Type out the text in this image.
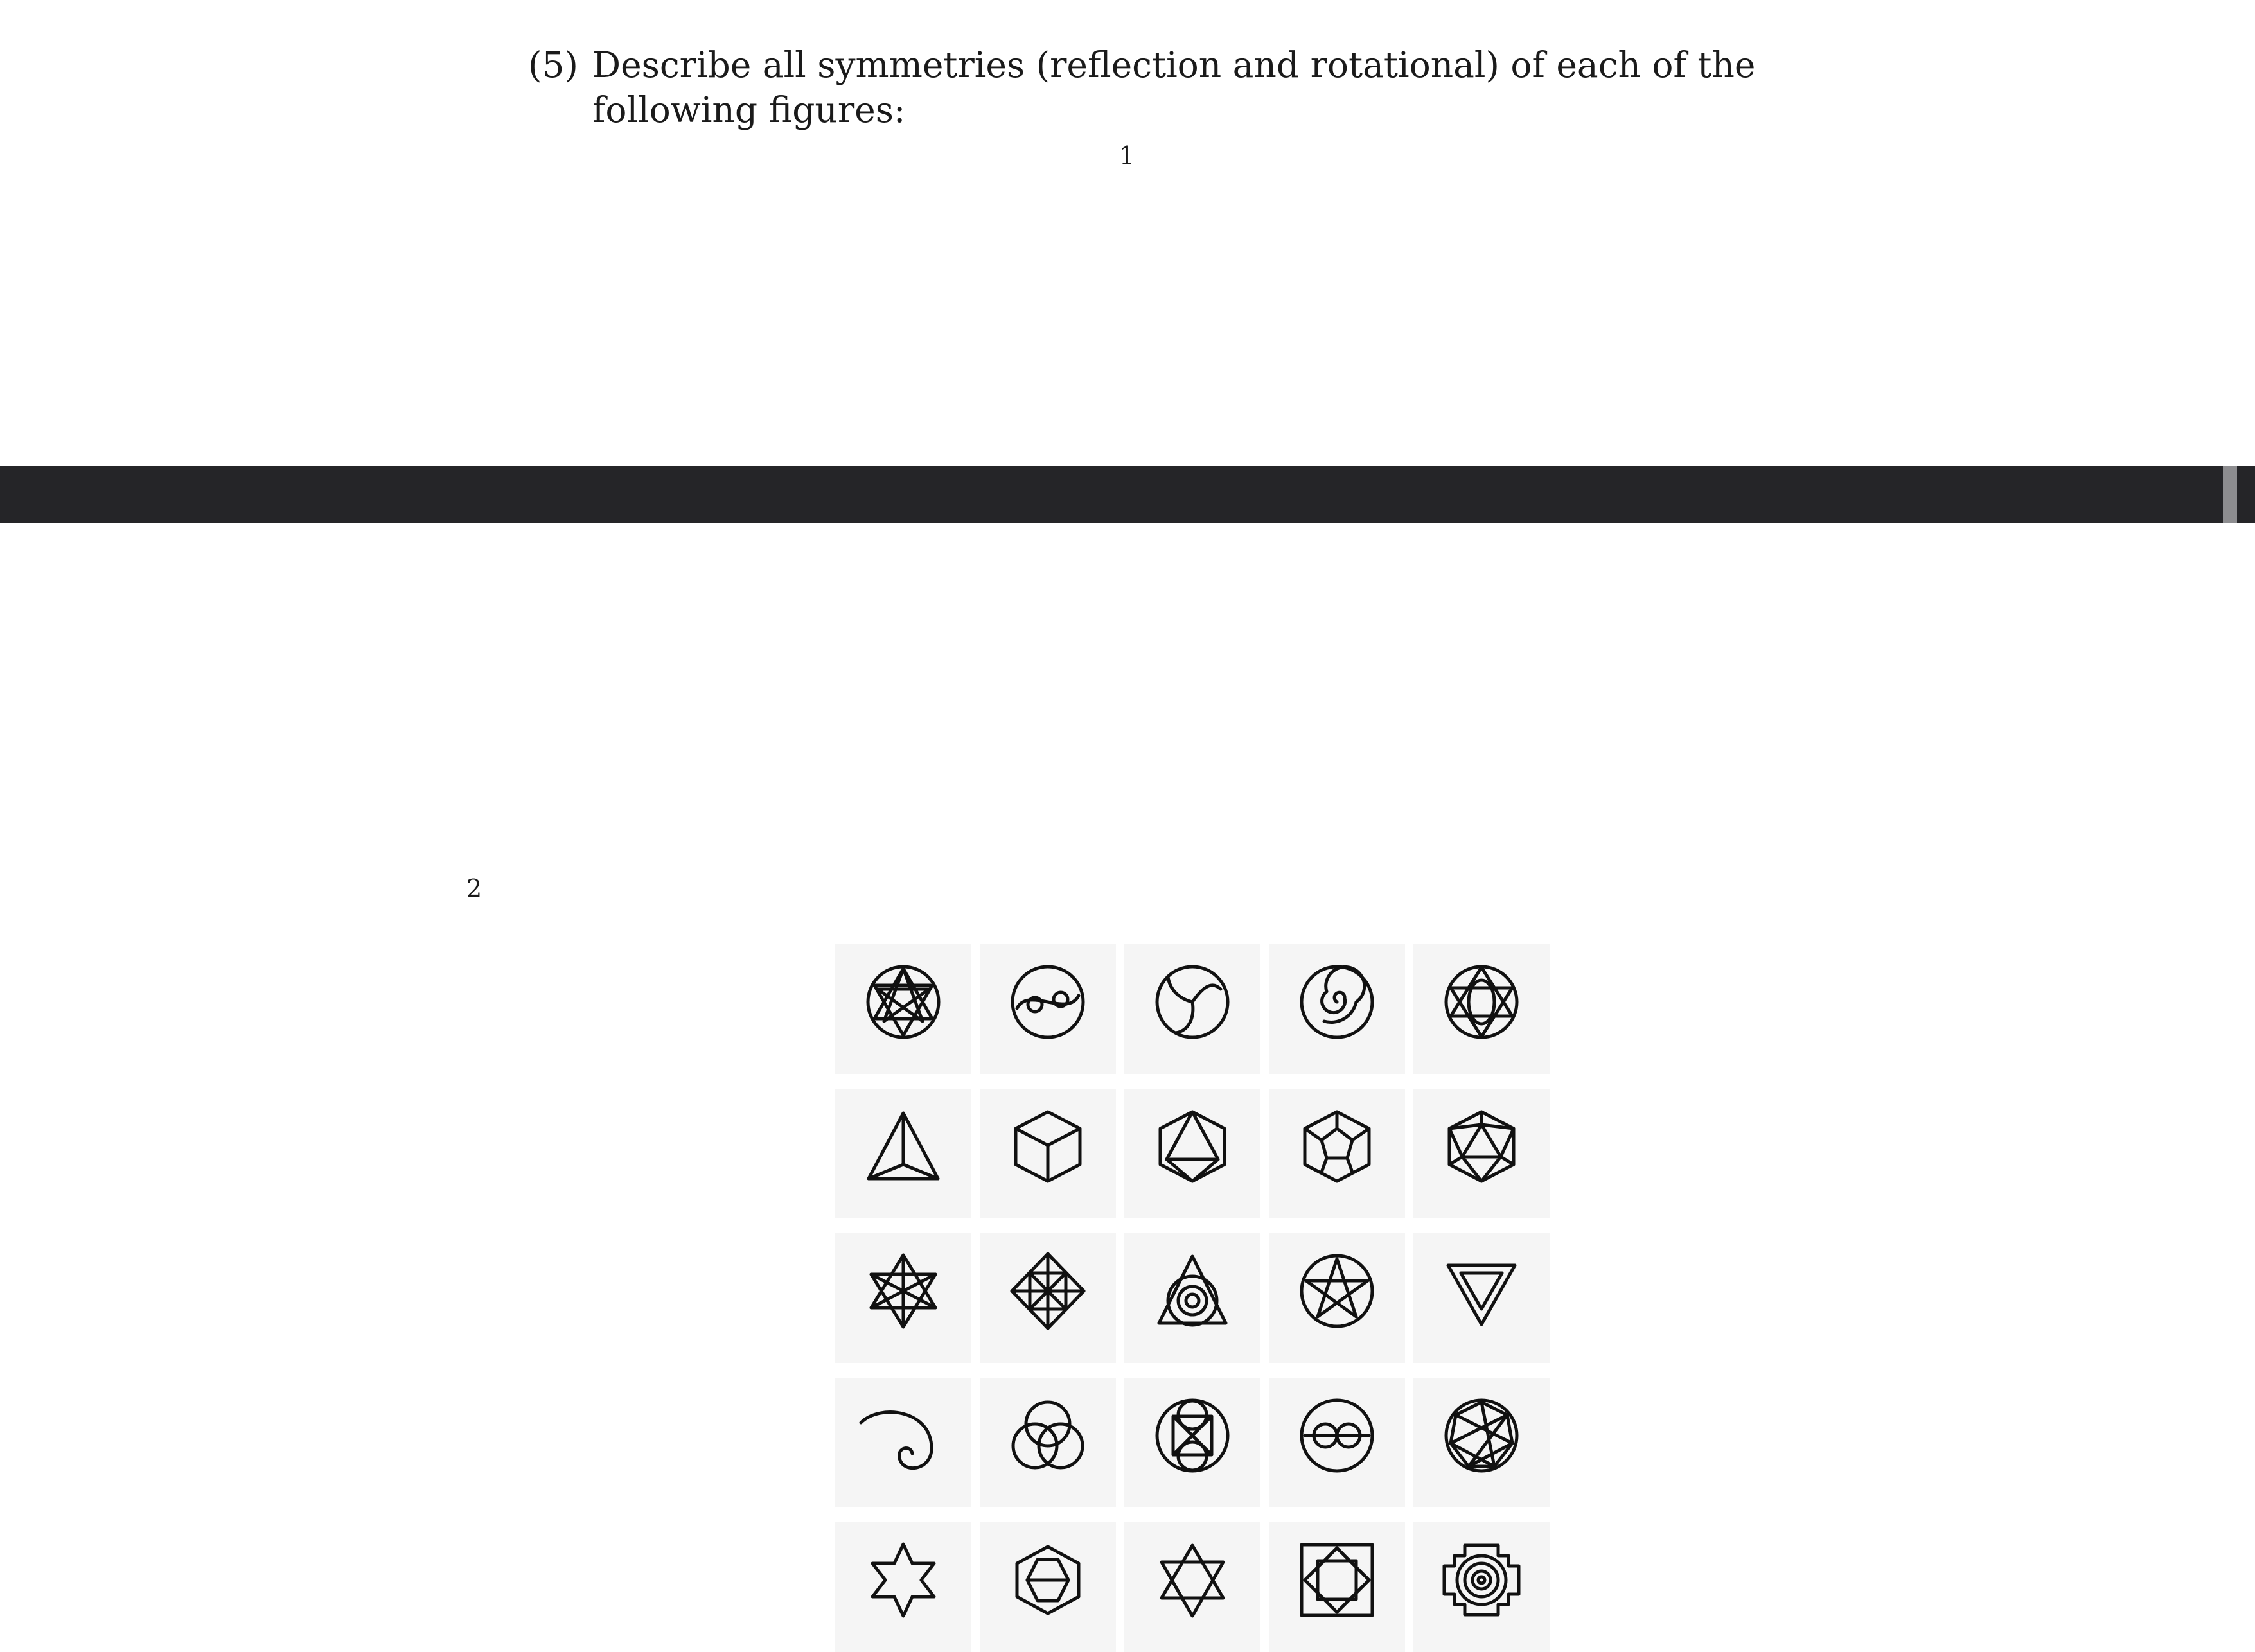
(5) Describe all symmetries (reflection and rotational) of each of the following figures:
1
2
